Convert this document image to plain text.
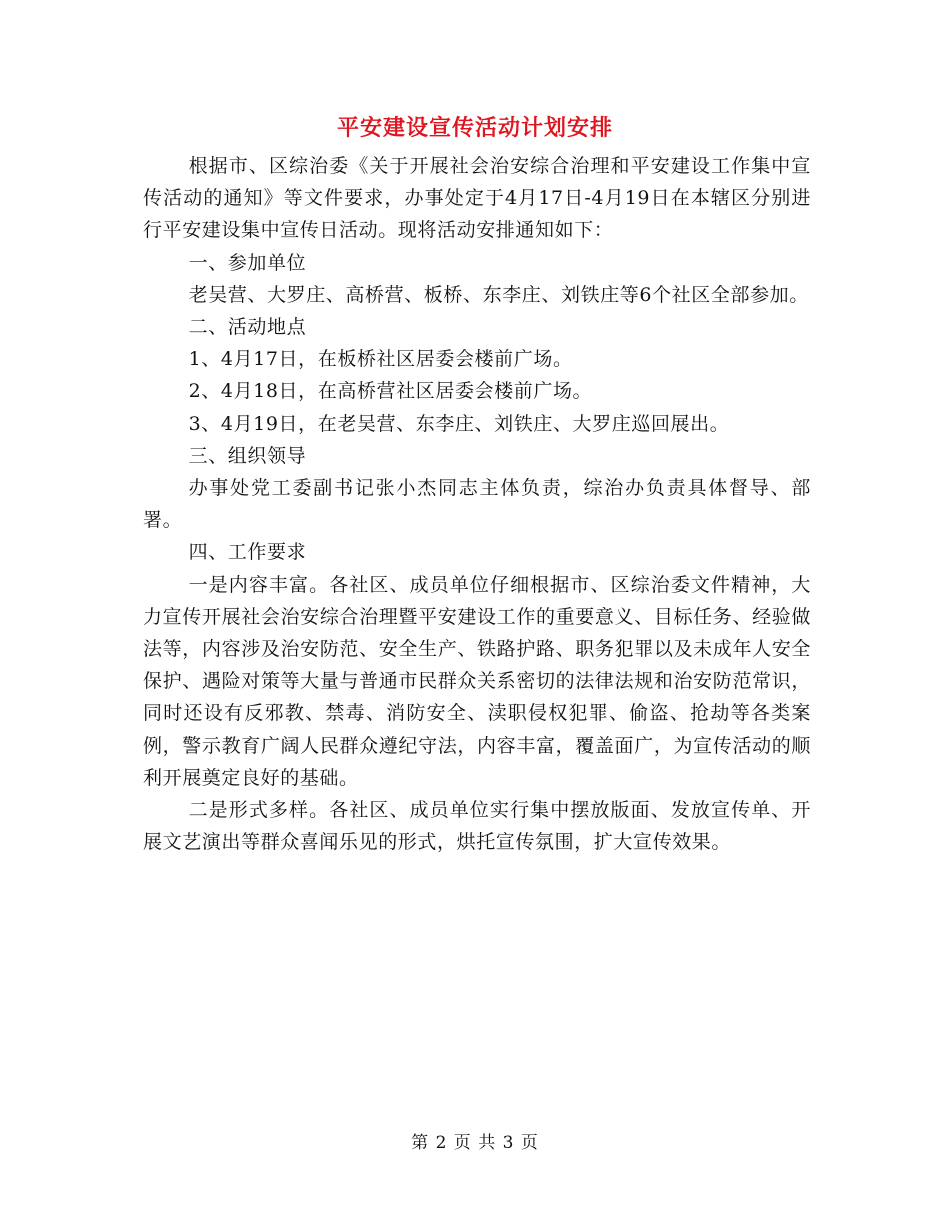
平安建设宣传活动计划安排

根据市、区综治委《关于开展社会治安综合治理和平安建设工作集中宣传活动的通知》等文件要求，办事处定于4月17日-4月19日在本辖区分别进行平安建设集中宣传日活动。现将活动安排通知如下：

一、参加单位

老吴营、大罗庄、高桥营、板桥、东李庄、刘铁庄等6个社区全部参加。

二、活动地点

1、4月17日，在板桥社区居委会楼前广场。

2、4月18日，在高桥营社区居委会楼前广场。

3、4月19日，在老吴营、东李庄、刘铁庄、大罗庄巡回展出。

三、组织领导

办事处党工委副书记张小杰同志主体负责，综治办负责具体督导、部署。

四、工作要求

一是内容丰富。各社区、成员单位仔细根据市、区综治委文件精神，大力宣传开展社会治安综合治理暨平安建设工作的重要意义、目标任务、经验做法等，内容涉及治安防范、安全生产、铁路护路、职务犯罪以及未成年人安全保护、遇险对策等大量与普通市民群众关系密切的法律法规和治安防范常识，同时还设有反邪教、禁毒、消防安全、渎职侵权犯罪、偷盗、抢劫等各类案例，警示教育广阔人民群众遵纪守法，内容丰富，覆盖面广，为宣传活动的顺利开展奠定良好的基础。

二是形式多样。各社区、成员单位实行集中摆放版面、发放宣传单、开展文艺演出等群众喜闻乐见的形式，烘托宣传氛围，扩大宣传效果。

第 2 页 共 3 页
